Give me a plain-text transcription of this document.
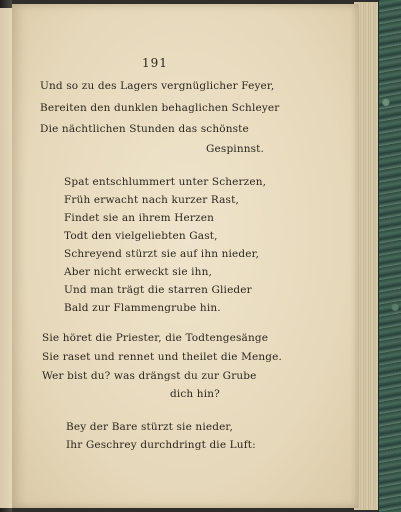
191
Und so zu des Lagers vergnüglicher Feyer,
Bereiten den dunklen behaglichen Schleyer
Die nächtlichen Stunden das schönste
Gespinnst.
Spat entschlummert unter Scherzen,
Früh erwacht nach kurzer Rast,
Findet sie an ihrem Herzen
Todt den vielgeliebten Gast,
Schreyend stürzt sie auf ihn nieder,
Aber nicht erweckt sie ihn,
Und man trägt die starren Glieder
Bald zur Flammengrube hin.
Sie höret die Priester, die Todtengesänge
Sie raset und rennet und theilet die Menge.
Wer bist du? was drängst du zur Grube
dich hin?
Bey der Bare stürzt sie nieder,
Ihr Geschrey durchdringt die Luft:
